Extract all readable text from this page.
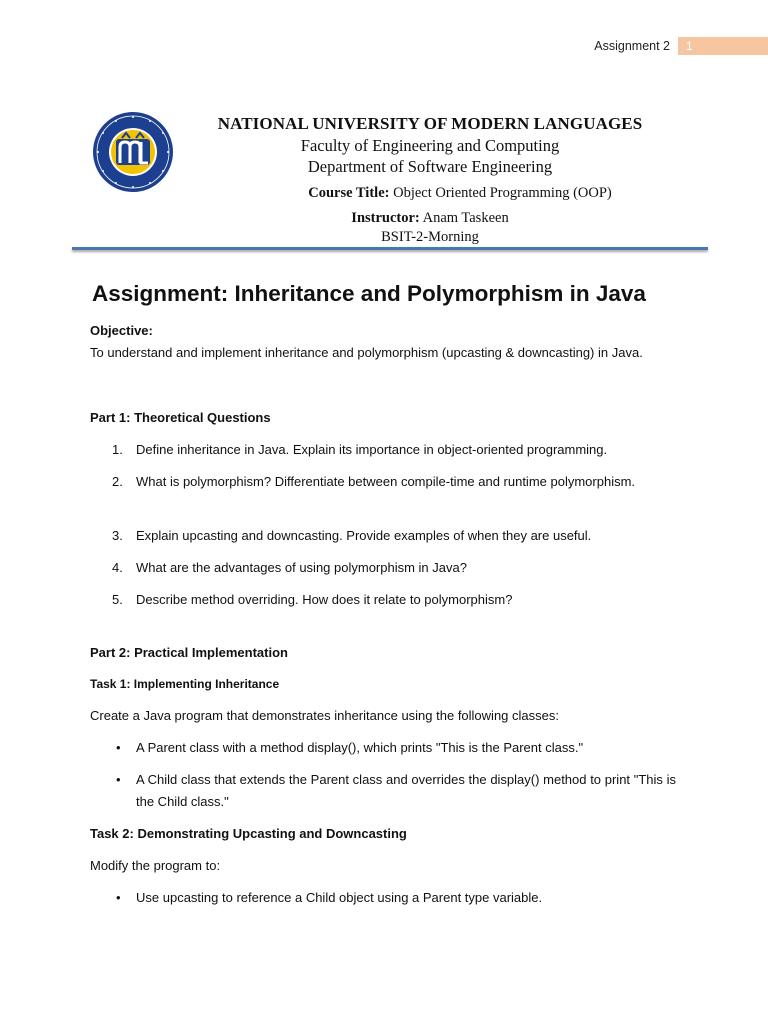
Assignment 2	1
NATIONAL UNIVERSITY OF MODERN LANGUAGES
Faculty of Engineering and Computing
Department of Software Engineering
Course Title: Object Oriented Programming (OOP)
Instructor: Anam Taskeen
BSIT-2-Morning
Assignment: Inheritance and Polymorphism in Java
Objective:
To understand and implement inheritance and polymorphism (upcasting & downcasting) in Java.
Part 1: Theoretical Questions
1.	Define inheritance in Java. Explain its importance in object-oriented programming.
2.	What is polymorphism? Differentiate between compile-time and runtime polymorphism.
3.	Explain upcasting and downcasting. Provide examples of when they are useful.
4.	What are the advantages of using polymorphism in Java?
5.	Describe method overriding. How does it relate to polymorphism?
Part 2: Practical Implementation
Task 1: Implementing Inheritance
Create a Java program that demonstrates inheritance using the following classes:
• A Parent class with a method display(), which prints "This is the Parent class."
• A Child class that extends the Parent class and overrides the display() method to print "This is the Child class."
Task 2: Demonstrating Upcasting and Downcasting
Modify the program to:
• Use upcasting to reference a Child object using a Parent type variable.
